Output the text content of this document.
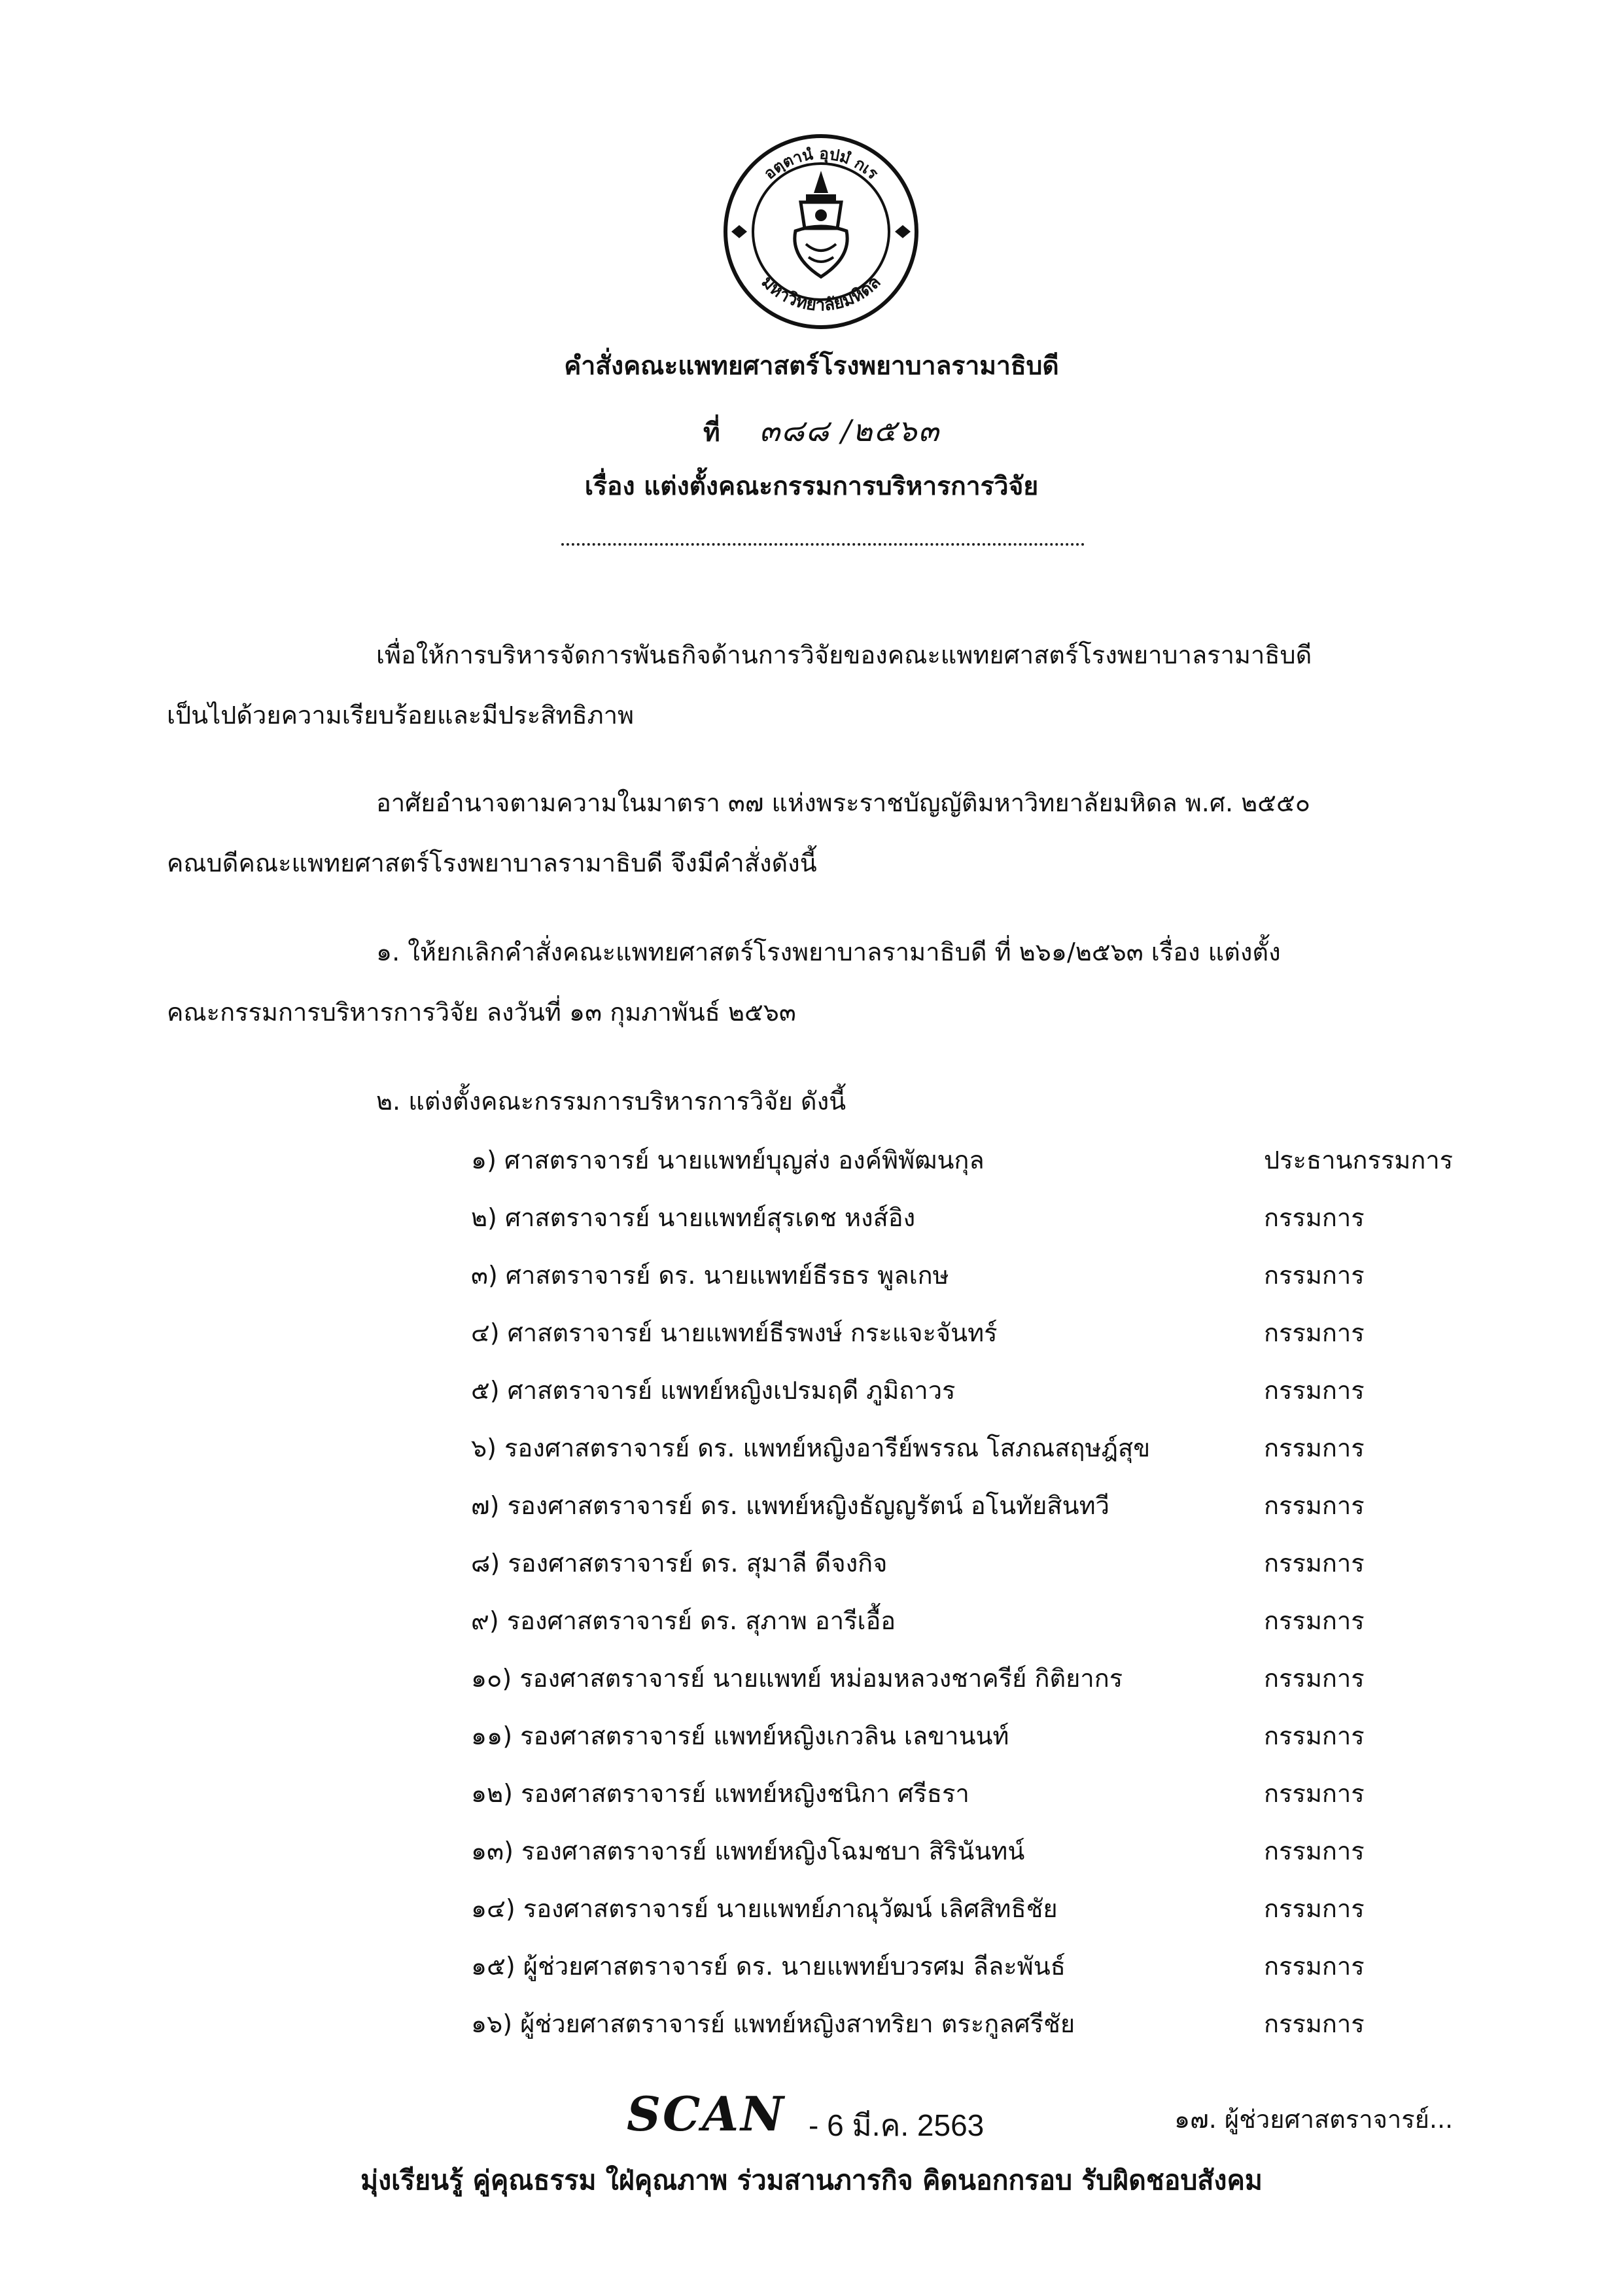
อตฺตานํ อุปมํ กเร
มหาวิทยาลัยมหิดล
คำสั่งคณะแพทยศาสตร์โรงพยาบาลรามาธิบดี
ที่ ๓๘๘ /๒๕๖๓
เรื่อง แต่งตั้งคณะกรรมการบริหารการวิจัย
เพื่อให้การบริหารจัดการพันธกิจด้านการวิจัยของคณะแพทยศาสตร์โรงพยาบาลรามาธิบดี
เป็นไปด้วยความเรียบร้อยและมีประสิทธิภาพ
อาศัยอำนาจตามความในมาตรา ๓๗ แห่งพระราชบัญญัติมหาวิทยาลัยมหิดล พ.ศ. ๒๕๕๐
คณบดีคณะแพทยศาสตร์โรงพยาบาลรามาธิบดี จึงมีคำสั่งดังนี้
๑. ให้ยกเลิกคำสั่งคณะแพทยศาสตร์โรงพยาบาลรามาธิบดี ที่ ๒๖๑/๒๕๖๓ เรื่อง แต่งตั้ง
คณะกรรมการบริหารการวิจัย ลงวันที่ ๑๓ กุมภาพันธ์ ๒๕๖๓
๒. แต่งตั้งคณะกรรมการบริหารการวิจัย ดังนี้
๑) ศาสตราจารย์ นายแพทย์บุญส่ง องค์พิพัฒนกุล	ประธานกรรมการ
๒) ศาสตราจารย์ นายแพทย์สุรเดช หงส์อิง	กรรมการ
๓) ศาสตราจารย์ ดร. นายแพทย์ธีรธร พูลเกษ	กรรมการ
๔) ศาสตราจารย์ นายแพทย์ธีรพงษ์ กระแจะจันทร์	กรรมการ
๕) ศาสตราจารย์ แพทย์หญิงเปรมฤดี ภูมิถาวร	กรรมการ
๖) รองศาสตราจารย์ ดร. แพทย์หญิงอารีย์พรรณ โสภณสฤษฎ์สุข	กรรมการ
๗) รองศาสตราจารย์ ดร. แพทย์หญิงธัญญรัตน์ อโนทัยสินทวี	กรรมการ
๘) รองศาสตราจารย์ ดร. สุมาลี ดีจงกิจ	กรรมการ
๙) รองศาสตราจารย์ ดร. สุภาพ อารีเอื้อ	กรรมการ
๑๐) รองศาสตราจารย์ นายแพทย์ หม่อมหลวงชาครีย์ กิติยากร	กรรมการ
๑๑) รองศาสตราจารย์ แพทย์หญิงเกวลิน เลขานนท์	กรรมการ
๑๒) รองศาสตราจารย์ แพทย์หญิงชนิกา ศรีธรา	กรรมการ
๑๓) รองศาสตราจารย์ แพทย์หญิงโฉมชบา สิรินันทน์	กรรมการ
๑๔) รองศาสตราจารย์ นายแพทย์ภาณุวัฒน์ เลิศสิทธิชัย	กรรมการ
๑๕) ผู้ช่วยศาสตราจารย์ ดร. นายแพทย์บวรศม ลีละพันธ์	กรรมการ
๑๖) ผู้ช่วยศาสตราจารย์ แพทย์หญิงสาทริยา ตระกูลศรีชัย	กรรมการ
SCAN - 6 มี.ค. 2563	๑๗. ผู้ช่วยศาสตราจารย์...
มุ่งเรียนรู้ คู่คุณธรรม ใฝ่คุณภาพ ร่วมสานภารกิจ คิดนอกกรอบ รับผิดชอบสังคม
